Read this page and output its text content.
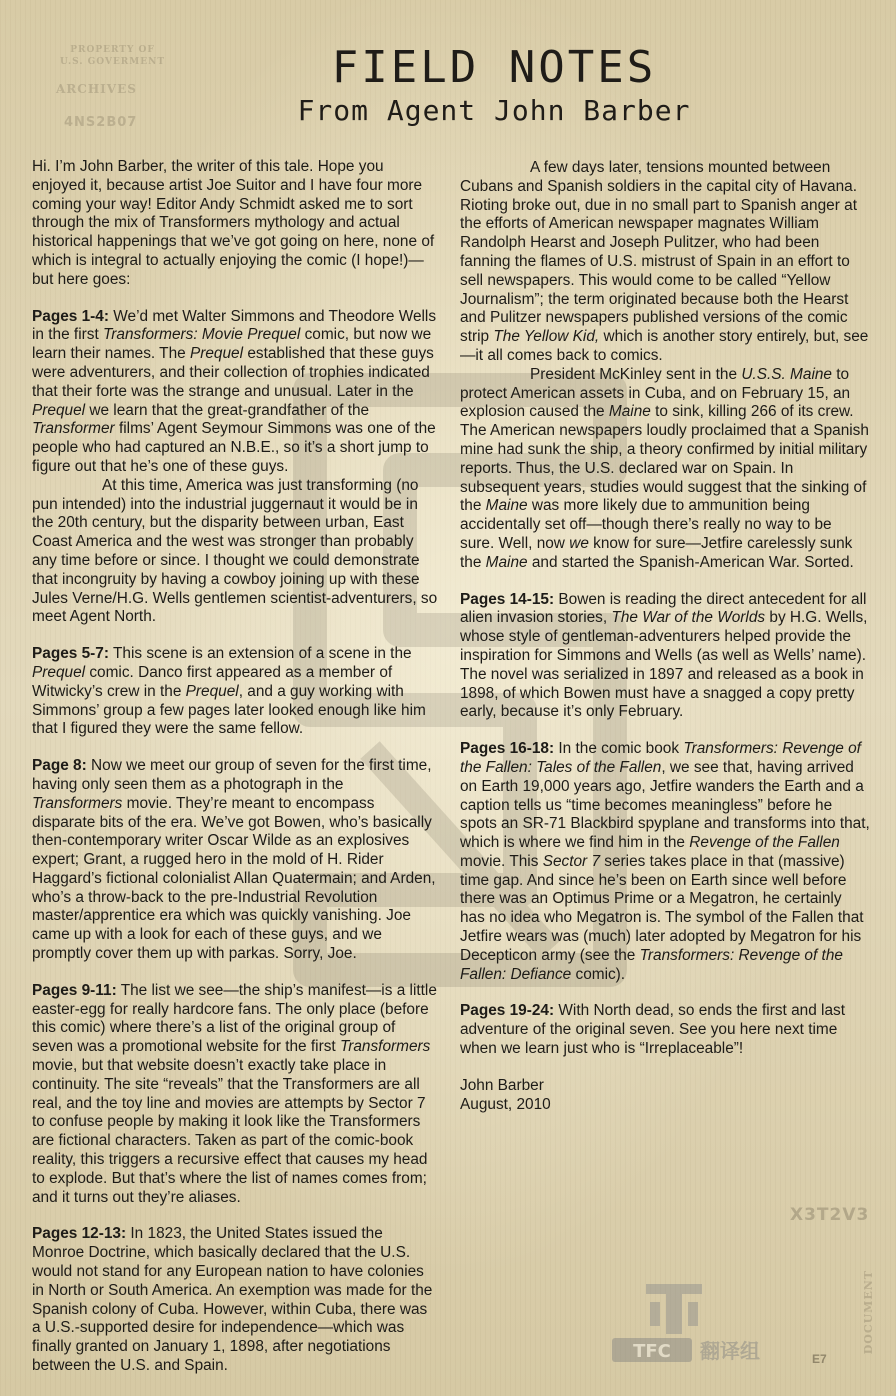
PROPERTY OF
U.S. GOVERMENT
ARCHIVES
4NS2B07
X3T2V3
DOCUMENT
FIELD NOTES
From Agent John Barber

Hi. I’m John Barber, the writer of this tale. Hope you enjoyed it, because artist Joe Suitor and I have four more coming your way! Editor Andy Schmidt asked me to sort through the mix of Transformers mythology and actual historical happenings that we’ve got going on here, none of which is integral to actually enjoying the comic (I hope!)—but here goes:

Pages 1-4: We’d met Walter Simmons and Theodore Wells in the first Transformers: Movie Prequel comic, but now we learn their names. The Prequel established that these guys were adventurers, and their collection of trophies indicated that their forte was the strange and unusual. Later in the Prequel we learn that the great-grandfather of the Transformer films’ Agent Seymour Simmons was one of the people who had captured an N.B.E., so it’s a short jump to figure out that he’s one of these guys.

At this time, America was just transforming (no pun intended) into the industrial juggernaut it would be in the 20th century, but the disparity between urban, East Coast America and the west was stronger than probably any time before or since. I thought we could demonstrate that incongruity by having a cowboy joining up with these Jules Verne/H.G. Wells gentlemen scientist-adventurers, so meet Agent North.

Pages 5-7: This scene is an extension of a scene in the Prequel comic. Danco first appeared as a member of Witwicky’s crew in the Prequel, and a guy working with Simmons’ group a few pages later looked enough like him that I figured they were the same fellow.

Page 8: Now we meet our group of seven for the first time, having only seen them as a photograph in the Transformers movie. They’re meant to encompass disparate bits of the era. We’ve got Bowen, who’s basically then-contemporary writer Oscar Wilde as an explosives expert; Grant, a rugged hero in the mold of H. Rider Haggard’s fictional colonialist Allan Quatermain; and Arden, who’s a throw-back to the pre-Industrial Revolution master/apprentice era which was quickly vanishing. Joe came up with a look for each of these guys, and we promptly cover them up with parkas. Sorry, Joe.

Pages 9-11: The list we see—the ship’s manifest—is a little easter-egg for really hardcore fans. The only place (before this comic) where there’s a list of the original group of seven was a promotional website for the first Transformers movie, but that website doesn’t exactly take place in continuity. The site “reveals” that the Transformers are all real, and the toy line and movies are attempts by Sector 7 to confuse people by making it look like the Transformers are fictional characters. Taken as part of the comic-book reality, this triggers a recursive effect that causes my head to explode. But that’s where the list of names comes from; and it turns out they’re aliases.

Pages 12-13: In 1823, the United States issued the Monroe Doctrine, which basically declared that the U.S. would not stand for any European nation to have colonies in North or South America. An exemption was made for the Spanish colony of Cuba. However, within Cuba, there was a U.S.-supported desire for independence—which was finally granted on January 1, 1898, after negotiations between the U.S. and Spain.

A few days later, tensions mounted between Cubans and Spanish soldiers in the capital city of Havana. Rioting broke out, due in no small part to Spanish anger at the efforts of American newspaper magnates William Randolph Hearst and Joseph Pulitzer, who had been fanning the flames of U.S. mistrust of Spain in an effort to sell newspapers. This would come to be called “Yellow Journalism”; the term originated because both the Hearst and Pulitzer newspapers published versions of the comic strip The Yellow Kid, which is another story entirely, but, see—it all comes back to comics.

President McKinley sent in the U.S.S. Maine to protect American assets in Cuba, and on February 15, an explosion caused the Maine to sink, killing 266 of its crew. The American newspapers loudly proclaimed that a Spanish mine had sunk the ship, a theory confirmed by initial military reports. Thus, the U.S. declared war on Spain. In subsequent years, studies would suggest that the sinking of the Maine was more likely due to ammunition being accidentally set off—though there’s really no way to be sure. Well, now we know for sure—Jetfire carelessly sunk the Maine and started the Spanish-American War. Sorted.

Pages 14-15: Bowen is reading the direct antecedent for all alien invasion stories, The War of the Worlds by H.G. Wells, whose style of gentleman-adventurers helped provide the inspiration for Simmons and Wells (as well as Wells’ name). The novel was serialized in 1897 and released as a book in 1898, of which Bowen must have a snagged a copy pretty early, because it’s only February.

Pages 16-18: In the comic book Transformers: Revenge of the Fallen: Tales of the Fallen, we see that, having arrived on Earth 19,000 years ago, Jetfire wanders the Earth and a caption tells us “time becomes meaningless” before he spots an SR-71 Blackbird spyplane and transforms into that, which is where we find him in the Revenge of the Fallen movie. This Sector 7 series takes place in that (massive) time gap. And since he’s been on Earth since well before there was an Optimus Prime or a Megatron, he certainly has no idea who Megatron is. The symbol of the Fallen that Jetfire wears was (much) later adopted by Megatron for his Decepticon army (see the Transformers: Revenge of the Fallen: Defiance comic).

Pages 19-24: With North dead, so ends the first and last adventure of the original seven. See you here next time when we learn just who is “Irreplaceable”!

John Barber
August, 2010
TFC 翻译组	E7
